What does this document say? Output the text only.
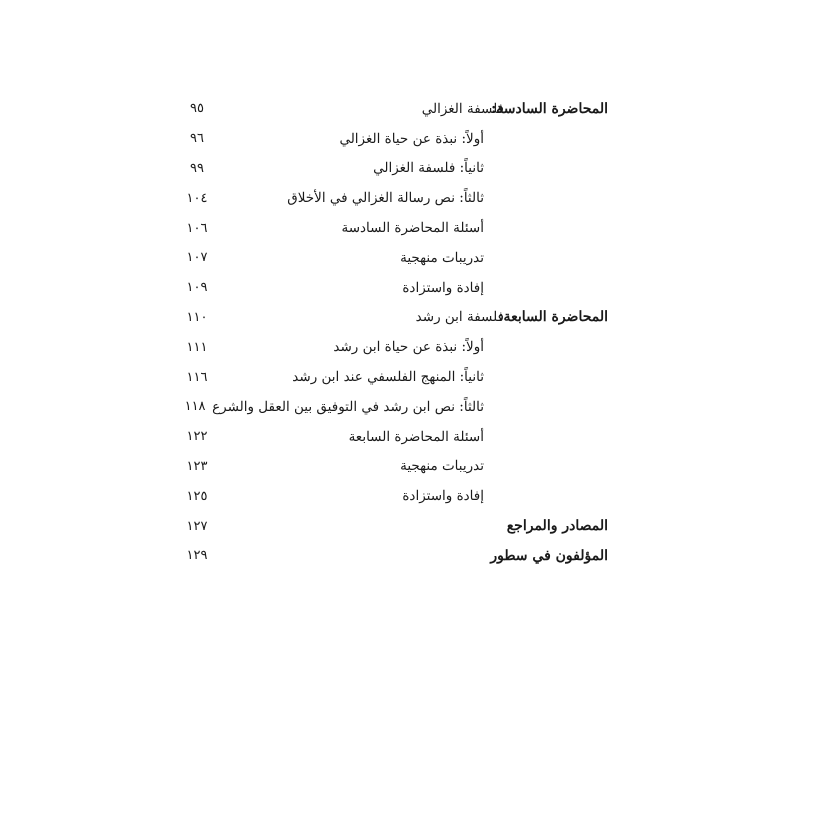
المحاضرة السادسة:
فلسفة الغزالي
٩٥
أولاً: نبذة عن حياة الغزالي
٩٦
ثانياً: فلسفة الغزالي
٩٩
ثالثاً: نص رسالة الغزالي في الأخلاق
١٠٤
أسئلة المحاضرة السادسة
١٠٦
تدريبات منهجية
١٠٧
إفادة واستزادة
١٠٩
المحاضرة السابعة:
فلسفة ابن رشد
١١٠
أولاً: نبذة عن حياة ابن رشد
١١١
ثانياً: المنهج الفلسفي عند ابن رشد
١١٦
ثالثاً: نص ابن رشد في التوفيق بين العقل والشرع
١١٨
أسئلة المحاضرة السابعة
١٢٢
تدريبات منهجية
١٢٣
إفادة واستزادة
١٢٥
المصادر والمراجع
١٢٧
المؤلفون في سطور
١٢٩
